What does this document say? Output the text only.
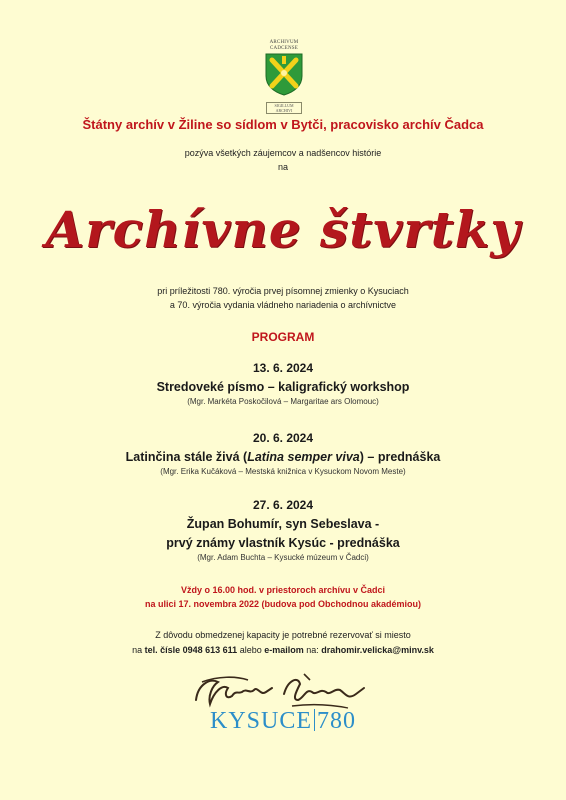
ARCHIVUM CADCENSE
SIGILLUM ARCHIVI
Štátny archív v Žiline so sídlom v Bytči, pracovisko archív Čadca
pozýva všetkých záujemcov a nadšencov histórie
na
Archívne štvrtky
pri príležitosti 780. výročia prvej písomnej zmienky o Kysuciach
a 70. výročia vydania vládneho nariadenia o archívnictve
PROGRAM
13. 6. 2024
Stredoveké písmo – kaligrafický workshop
(Mgr. Markéta Poskočilová – Margaritae ars Olomouc)
20. 6. 2024
Latinčina stále živá (Latina semper viva) – prednáška
(Mgr. Erika Kučáková – Mestská knižnica v Kysuckom Novom Meste)
27. 6. 2024
Župan Bohumír, syn Sebeslava -
prvý známy vlastník Kysúc - prednáška
(Mgr. Adam Buchta – Kysucké múzeum v Čadci)
Vždy o 16.00 hod. v priestoroch archívu v Čadci
na ulici 17. novembra 2022 (budova pod Obchodnou akadémiou)
Z dôvodu obmedzenej kapacity je potrebné rezervovať si miesto
na tel. čísle 0948 613 611 alebo e-mailom na: drahomir.velicka@minv.sk
KYSUCE 780
